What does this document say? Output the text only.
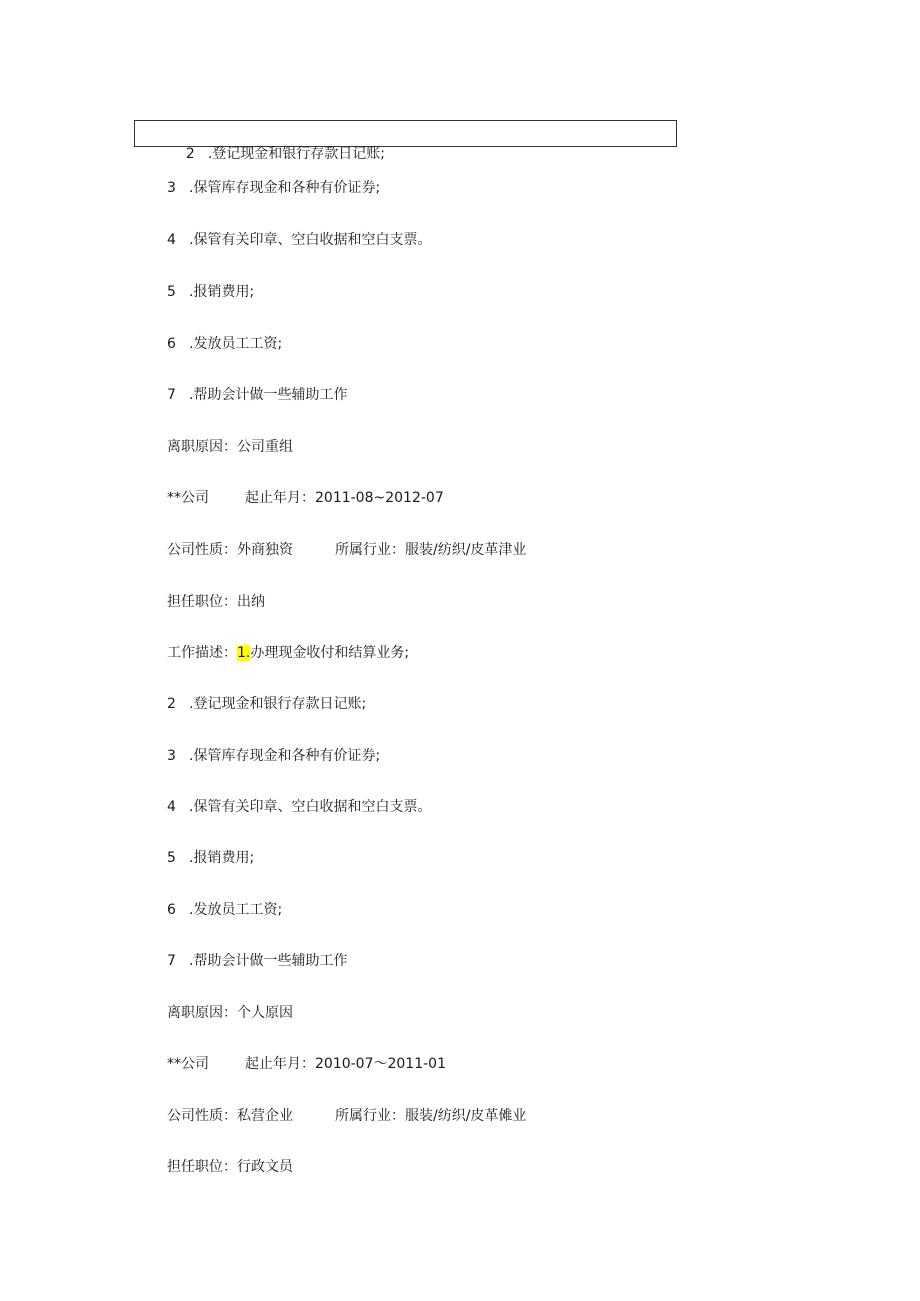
2 .登记现金和银行存款日记账;

3 .保管库存现金和各种有价证券;
4 .保管有关印章、空白收据和空白支票。
5 .报销费用;
6 .发放员工工资;
7 .帮助会计做一些辅助工作
离职原因：公司重组
**公司	起止年月：2011-08~2012-07
公司性质：外商独资	所属行业：服装/纺织/皮革津业
担任职位：出纳
工作描述：1.办理现金收付和结算业务;
2 .登记现金和银行存款日记账;
3 .保管库存现金和各种有价证券;
4 .保管有关印章、空白收据和空白支票。
5 .报销费用;
6 .发放员工工资;
7 .帮助会计做一些辅助工作
离职原因：个人原因
**公司	起止年月：2010-07～2011-01
公司性质：私营企业	所属行业：服装/纺织/皮革傩业
担任职位：行政文员
